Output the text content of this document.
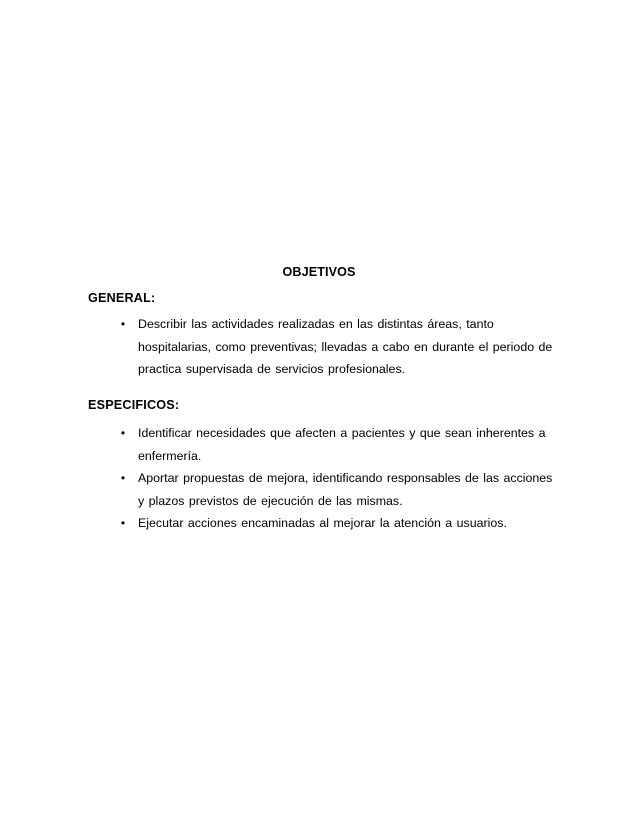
OBJETIVOS
GENERAL:
• Describir las actividades realizadas en las distintas áreas, tanto hospitalarias, como preventivas; llevadas a cabo en durante el periodo de practica supervisada de servicios profesionales.
ESPECIFICOS:
• Identificar necesidades que afecten a pacientes y que sean inherentes a enfermería.
• Aportar propuestas de mejora, identificando responsables de las acciones y plazos previstos de ejecución de las mismas.
• Ejecutar acciones encaminadas al mejorar la atención a usuarios.
